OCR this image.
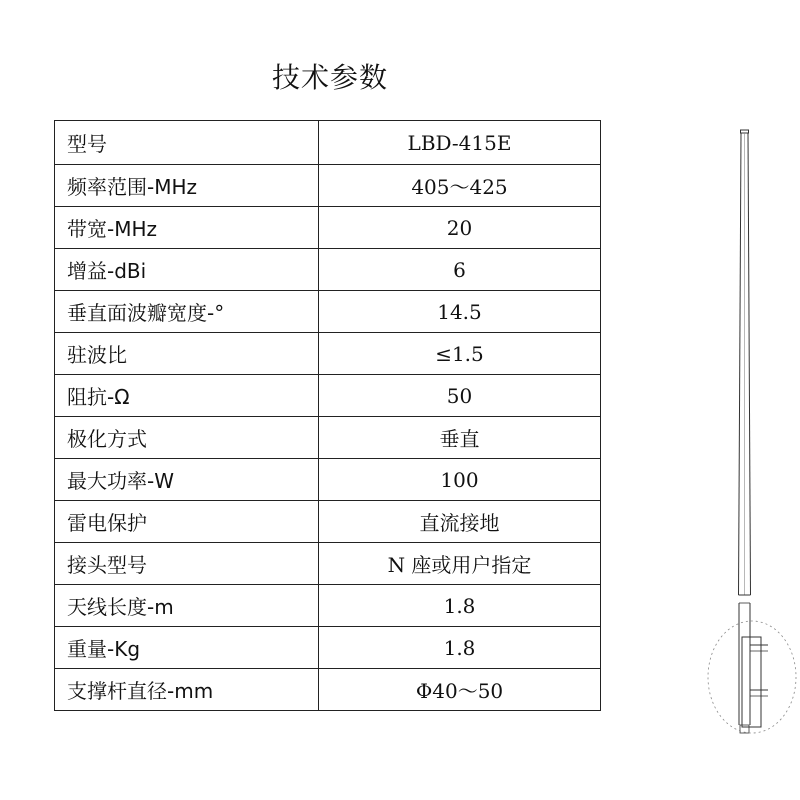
技术参数
型号	LBD-415E
频率范围-MHz	405～425
带宽-MHz	20
增益-dBi	6
垂直面波瓣宽度-°	14.5
驻波比	≤1.5
阻抗-Ω	50
极化方式	垂直
最大功率-W	100
雷电保护	直流接地
接头型号	N 座或用户指定
天线长度-m	1.8
重量-Kg	1.8
支撑杆直径-mm	Φ40～50
